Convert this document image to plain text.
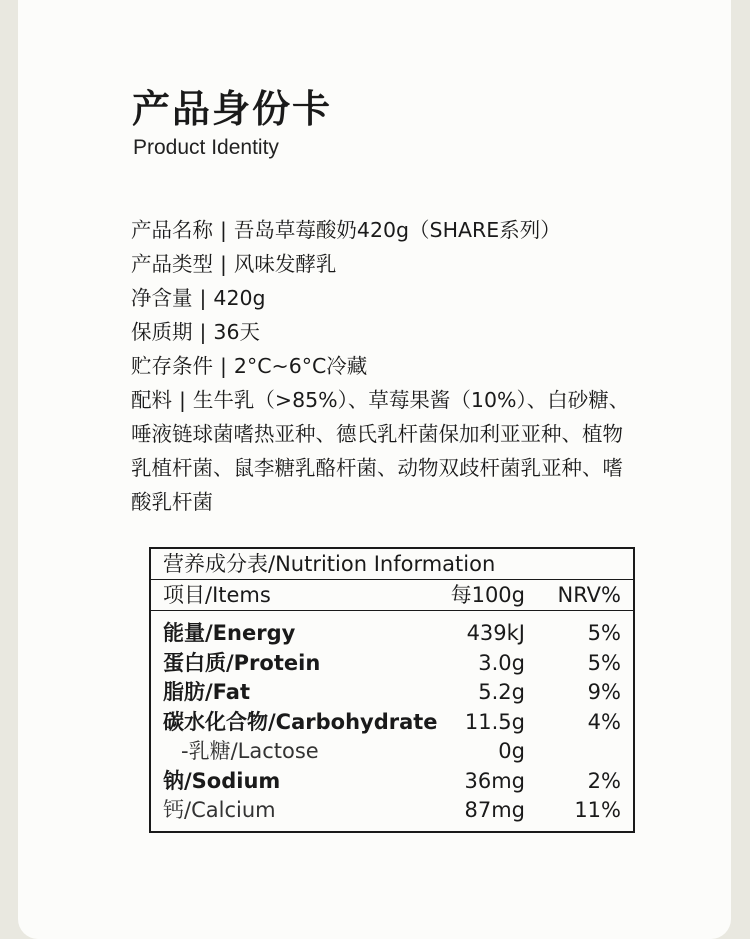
产品身份卡

Product Identity

产品名称 | 吾岛草莓酸奶420g（SHARE系列）
产品类型 | 风味发酵乳
净含量 | 420g
保质期 | 36天
贮存条件 | 2°C~6°C冷藏
配料 | 生牛乳（>85%）、草莓果酱（10%）、白砂糖、唾液链球菌嗜热亚种、德氏乳杆菌保加利亚亚种、植物乳植杆菌、鼠李糖乳酪杆菌、动物双歧杆菌乳亚种、嗜酸乳杆菌
营养成分表/Nutrition Information
项目/Items	每100g NRV%
能量/Energy	439kJ	5%
蛋白质/Protein	3.0g	5%
脂肪/Fat	5.2g	9%
碳水化合物/Carbohydrate 11.5g	4%
-乳糖/Lactose	0g
钠/Sodium	36mg	2%
钙/Calcium	87mg 11%
